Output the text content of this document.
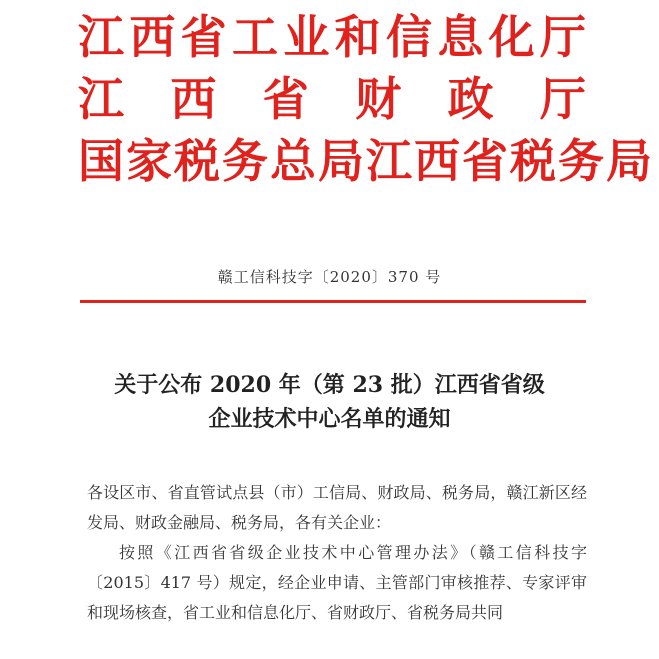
江西省工业和信息化厅
江 西 省 财 政 厅
国家税务总局江西省税务局
赣工信科技字〔2020〕370 号
关于公布 2020 年（第 23 批）江西省省级
企业技术中心名单的通知

各设区市、省直管试点县（市）工信局、财政局、税务局，赣江新区经发局、财政金融局、税务局，各有关企业：

按照《江西省省级企业技术中心管理办法》（赣工信科技字〔2015〕417 号）规定，经企业申请、主管部门审核推荐、专家评审和现场核查，省工业和信息化厅、省财政厅、省税务局共同
